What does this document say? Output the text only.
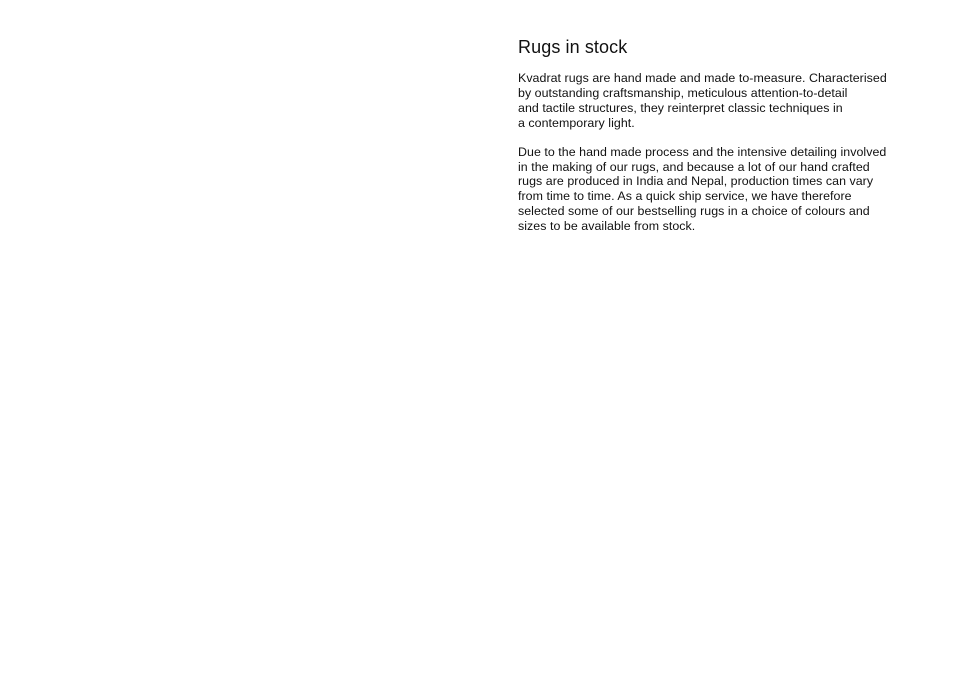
Rugs in stock

Kvadrat rugs are hand made and made to-measure. Characterised
by outstanding craftsmanship, meticulous attention-to-detail
and tactile structures, they reinterpret classic techniques in
a contemporary light.

Due to the hand made process and the intensive detailing involved
in the making of our rugs, and because a lot of our hand crafted
rugs are produced in India and Nepal, production times can vary
from time to time. As a quick ship service, we have therefore
selected some of our bestselling rugs in a choice of colours and
sizes to be available from stock.
